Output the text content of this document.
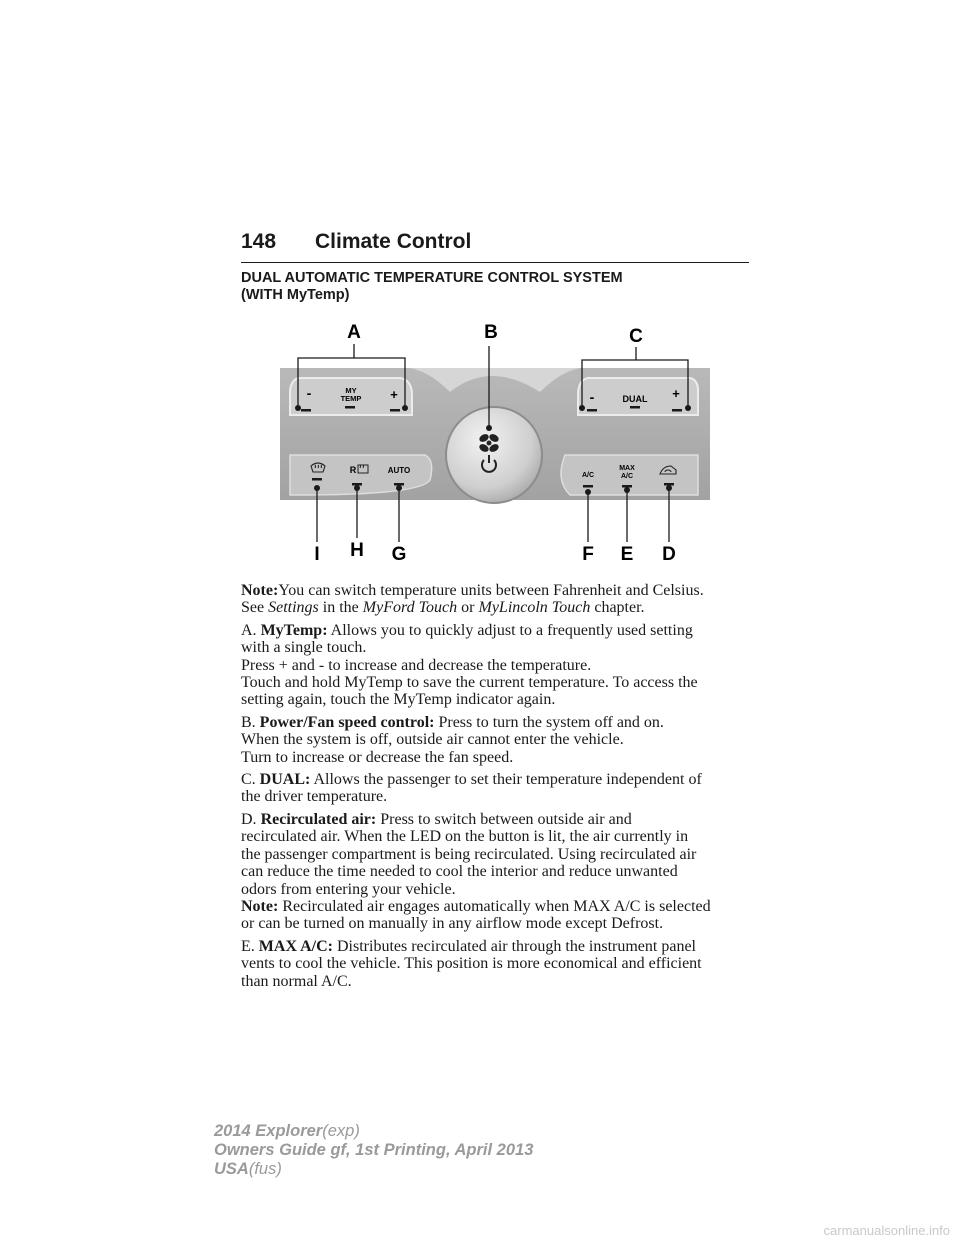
148 Climate Control
DUAL AUTOMATIC TEMPERATURE CONTROL SYSTEM
(WITH MyTemp)
A	B	C
I H G	F E D
-	MY
TEMP +	-	DUAL +
R	AUTO
A/C
MAX
A/C

Note:You can switch temperature units between Fahrenheit and Celsius.
See Settings in the MyFord Touch or MyLincoln Touch chapter.

A. MyTemp: Allows you to quickly adjust to a frequently used setting
with a single touch.
Press + and - to increase and decrease the temperature.
Touch and hold MyTemp to save the current temperature. To access the
setting again, touch the MyTemp indicator again.

B. Power/Fan speed control: Press to turn the system off and on.
When the system is off, outside air cannot enter the vehicle.
Turn to increase or decrease the fan speed.

C. DUAL: Allows the passenger to set their temperature independent of
the driver temperature.

D. Recirculated air: Press to switch between outside air and
recirculated air. When the LED on the button is lit, the air currently in
the passenger compartment is being recirculated. Using recirculated air
can reduce the time needed to cool the interior and reduce unwanted
odors from entering your vehicle.
Note: Recirculated air engages automatically when MAX A/C is selected
or can be turned on manually in any airflow mode except Defrost.

E. MAX A/C: Distributes recirculated air through the instrument panel
vents to cool the vehicle. This position is more economical and efficient
than normal A/C.

2014 Explorer(exp)
Owners Guide gf, 1st Printing, April 2013
USA(fus)
carmanualsonline.info
